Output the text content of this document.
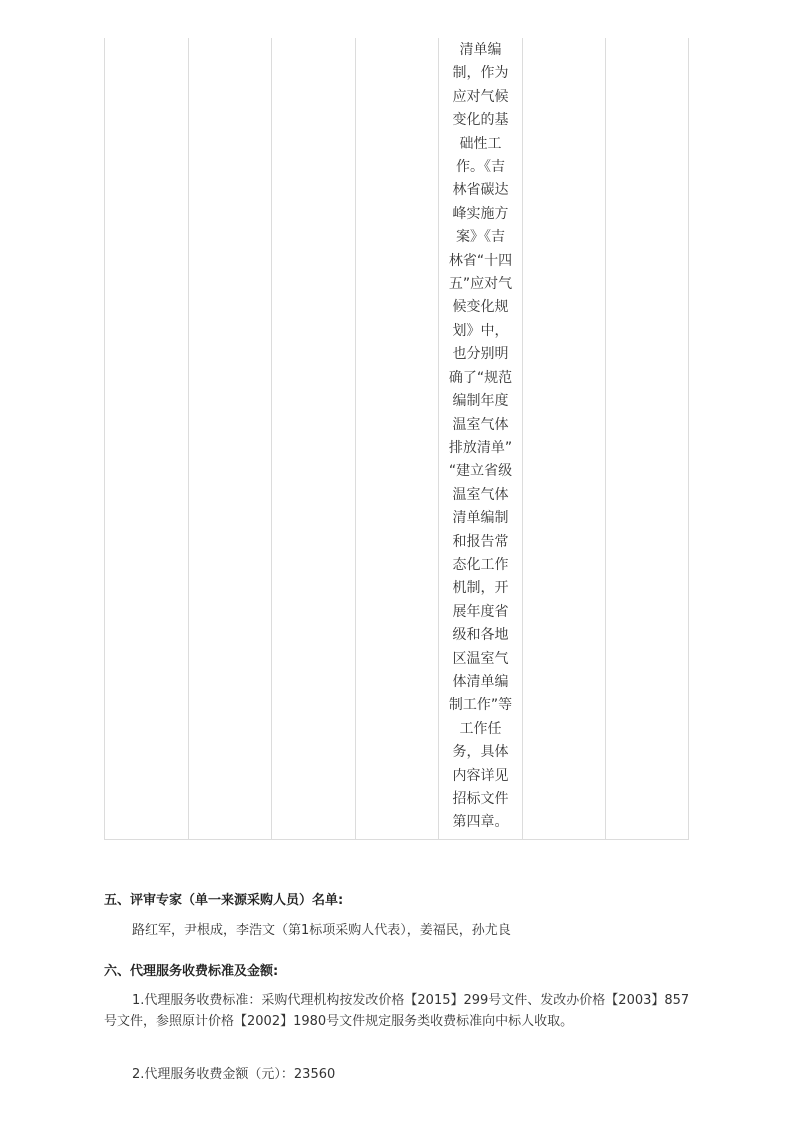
清单编
制，作为
应对气候
变化的基
础性工
作。《吉
林省碳达
峰实施方
案》《吉
林省“十四
五”应对气
候变化规
划》中，
也分别明
确了“规范
编制年度
温室气体
排放清单”
“建立省级
温室气体
清单编制
和报告常
态化工作
机制，开
展年度省
级和各地
区温室气
体清单编
制工作”等
工作任
务，具体
内容详见
招标文件
第四章。
五、评审专家（单一来源采购人员）名单:
路红军，尹根成，李浩文（第1标项采购人代表），姜福民，孙尤良
六、代理服务收费标准及金额:
1.代理服务收费标准：采购代理机构按发改价格【2015】299号文件、发改办价格【2003】857号文件，参照原计价格【2002】1980号文件规定服务类收费标准向中标人收取。
2.代理服务收费金额（元）：23560
